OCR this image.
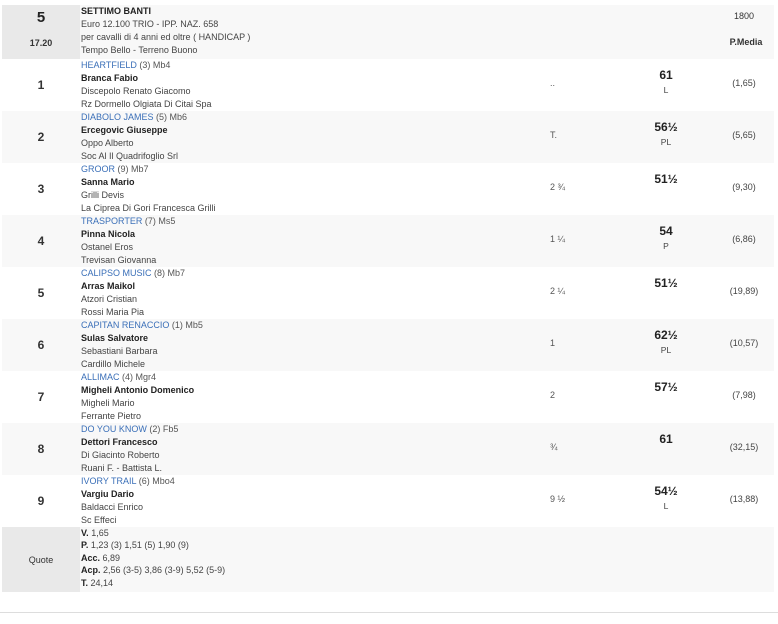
5
17.20
SETTIMO BANTI
Euro 12.100 TRIO - IPP. NAZ. 658
per cavalli di 4 anni ed oltre ( HANDICAP )
Tempo Bello - Terreno Buono
1800
P.Media
1
HEARTFIELD (3) Mb4
Branca Fabio
Discepolo Renato Giacomo
Rz Dormello Olgiata Di Citai Spa
..
61
L
(1,65)
2
DIABOLO JAMES (5) Mb6
Ercegovic Giuseppe
Oppo Alberto
Soc Al Il Quadrifoglio Srl
T.
56½
PL
(5,65)
3
GROOR (9) Mb7
Sanna Mario
Grilli Devis
La Ciprea Di Gori Francesca Grilli
2 ¾
51½
(9,30)
4
TRASPORTER (7) Ms5
Pinna Nicola
Ostanel Eros
Trevisan Giovanna
1 ¼
54
P
(6,86)
5
CALIPSO MUSIC (8) Mb7
Arras Maikol
Atzori Cristian
Rossi Maria Pia
2 ¼
51½
(19,89)
6
CAPITAN RENACCIO (1) Mb5
Sulas Salvatore
Sebastiani Barbara
Cardillo Michele
1
62½
PL
(10,57)
7
ALLIMAC (4) Mgr4
Migheli Antonio Domenico
Migheli Mario
Ferrante Pietro
2
57½
(7,98)
8
DO YOU KNOW (2) Fb5
Dettori Francesco
Di Giacinto Roberto
Ruani F. - Battista L.
¾
61
(32,15)
9
IVORY TRAIL (6) Mbo4
Vargiu Dario
Baldacci Enrico
Sc Effeci
9 ½
54½
L
(13,88)
Quote
V. 1,65
P. 1,23 (3) 1,51 (5) 1,90 (9)
Acc. 6,89
Acp. 2,56 (3-5) 3,86 (3-9) 5,52 (5-9)
T. 24,14
